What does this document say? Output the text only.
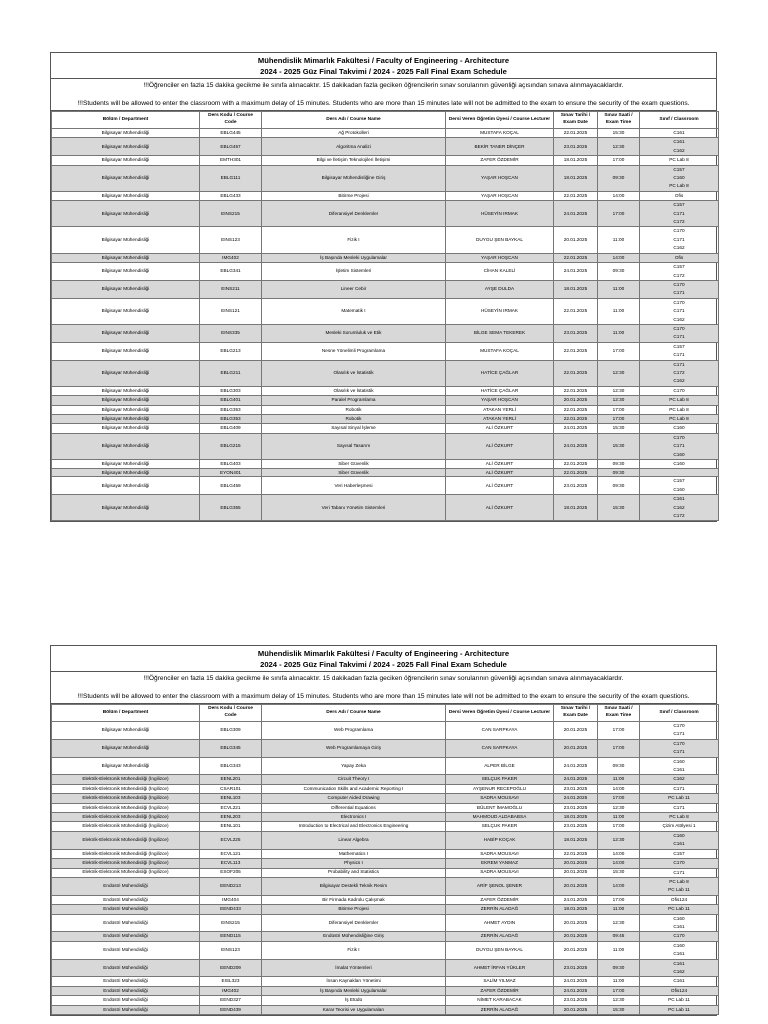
Mühendislik Mimarlık Fakültesi / Faculty of Engineering - Architecture
2024 - 2025 Güz Final Takvimi / 2024 - 2025 Fall Final Exam Schedule
!!!Öğrenciler en fazla 15 dakika gecikme ile sınıfa alınacaktır. 15 dakikadan fazla geciken öğrencilerin sınav sorularının güvenliği açısından sınava alınmayacaklardır.
!!!Students will be allowed to enter the classroom with a maximum delay of 15 minutes. Students who are more than 15 minutes late will not be admitted to the exam to ensure the security of the exam questions.
Bölüm / Department	Ders Kodu / Course Code	Ders Adı / Course Name	Dersi Veren Öğretim Üyesi / Course Lecturer	Sınav Tarihi / Exam Date	Sınav Saati / Exam Time	Sınıf / Classroom
Bilgisayar Mühendisliği	EBLG445	Ağ Protokolleri	MUSTAFA KOÇAL	22.01.2025	15:30	C161

Bilgisayar Mühendisliği	EBLG457	Algoritma Analizi	BEKİR TANER DİNÇER	23.01.2025	12:30	C161
C162

Bilgisayar Mühendisliği	EMTH301	Bilgi ve İletişim Teknolojileri İletişimi	ZAFER ÖZDEMİR	18.01.2025	17:00	PC Lab 8

Bilgisayar Mühendisliği	EBLG111	Bilgisayar Mühendisliğine Giriş	YAŞAR HOŞCAN	18.01.2025	09:30	C157
C160
PC Lab 8

Bilgisayar Mühendisliği	EBLG433	Bitirme Projesi	YAŞAR HOŞCAN	22.01.2025	14:00	Ofis

Bilgisayar Mühendisliği	EINS215	Diferansiyel Denklemler	HÜSEYİN IRMAK	24.01.2025	17:00	C157
C171
C172

Bilgisayar Mühendisliği	EINS123	Fizik I	DUYGU ŞEN BAYKAL	20.01.2025	11:00	C170
C171
C162

Bilgisayar Mühendisliği	IMG402	İş Başında Mesleki Uygulamalar	YAŞAR HOŞCAN	22.01.2025	14:00	Ofis

Bilgisayar Mühendisliği	EBLG341	İşletim Sistemleri	CİHAN KALELİ	24.01.2025	09:30	C157
C172

Bilgisayar Mühendisliği	EINS211	Lineer Cebir	AYŞE DULDA	18.01.2025	11:00	C170
C171

Bilgisayar Mühendisliği	EINS121	Matematik I	HÜSEYİN IRMAK	22.01.2025	11:00	C170
C171
C162

Bilgisayar Mühendisliği	EINS335	Mesleki Sorumluluk ve Etik	BİLGE SEMA TEKEREK	23.01.2025	11:00	C170
C171

Bilgisayar Mühendisliği	EBLG213	Nesne Yönelimli Programlama	MUSTAFA KOÇAL	22.01.2025	17:00	C157
C171

Bilgisayar Mühendisliği	EBLG211	Olasılık ve İstatistik	HATİCE ÇAĞLAR	22.01.2025	12:30	C171
C172
C162

Bilgisayar Mühendisliği	EBLG303	Olasılık ve İstatistik	HATİCE ÇAĞLAR	22.01.2025	12:30	C170

Bilgisayar Mühendisliği	EBLG401	Paralel Programlama	YAŞAR HOŞCAN	20.01.2025	12:30	PC Lab 8

Bilgisayar Mühendisliği	EBLG353	Robotik	ATAKAN YERLİ	22.01.2025	17:00	PC Lab 8

Bilgisayar Mühendisliği	EBLG353	Robotik	ATAKAN YERLİ	22.01.2025	17:00	PC Lab 8

Bilgisayar Mühendisliği	EBLG409	Sayısal Sinyal İşleme	ALİ ÖZKURT	24.01.2025	15:30	C160

Bilgisayar Mühendisliği	EBLG215	Sayısal Tasarım	ALİ ÖZKURT	24.01.2025	15:30	C170
C171
C160

Bilgisayar Mühendisliği	EBLG403	Siber Güvenlik	ALİ ÖZKURT	22.01.2025	09:30	C160

Bilgisayar Mühendisliği	EYON401	Siber Güvenlik	ALİ ÖZKURT	22.01.2025	09:30	

Bilgisayar Mühendisliği	EBLG459	Veri Haberleşmesi	ALİ ÖZKURT	23.01.2025	09:30	C157
C160

Bilgisayar Mühendisliği	EBLG355	Veri Tabanı Yönetim Sistemleri	ALİ ÖZKURT	18.01.2025	15:30	C161
C162
C172
Mühendislik Mimarlık Fakültesi / Faculty of Engineering - Architecture
2024 - 2025 Güz Final Takvimi / 2024 - 2025 Fall Final Exam Schedule
!!!Öğrenciler en fazla 15 dakika gecikme ile sınıfa alınacaktır. 15 dakikadan fazla geciken öğrencilerin sınav sorularının güvenliği açısından sınava alınmayacaklardır.
!!!Students will be allowed to enter the classroom with a maximum delay of 15 minutes. Students who are more than 15 minutes late will not be admitted to the exam to ensure the security of the exam questions.
Bölüm / Department	Ders Kodu / Course Code	Ders Adı / Course Name	Dersi Veren Öğretim Üyesi / Course Lecturer	Sınav Tarihi / Exam Date	Sınav Saati / Exam Time	Sınıf / Classroom
Bilgisayar Mühendisliği	EBLG309	Web Programlama	CAN SARPKAYA	20.01.2025	17:00	C170
C171

Bilgisayar Mühendisliği	EBLG345	Web Programlamaya Giriş	CAN SARPKAYA	20.01.2025	17:00	C170
C171

Bilgisayar Mühendisliği	EBLG343	Yapay Zeka	ALPER BİLGE	24.01.2025	09:30	C160
C161

Elektrik-Elektronik Mühendisliği (İngilizce)	EENL201	Circuit Theory I	SELÇUK PAKER	24.01.2025	11:00	C162

Elektrik-Elektronik Mühendisliği (İngilizce)	CSAR101	Communication Skills and Academic Reporting I	AYŞENUR RECEPOĞLU	23.01.2025	14:00	C171

Elektrik-Elektronik Mühendisliği (İngilizce)	EENL103	Computer Aided Drawing	SADRA MOUSAVI	24.01.2025	17:00	PC Lab 11

Elektrik-Elektronik Mühendisliği (İngilizce)	ECVL221	Differential Equations	BÜLENT İMAMOĞLU	23.01.2025	12:30	C171

Elektrik-Elektronik Mühendisliği (İngilizce)	EENL203	Electronics I	MAHMOUD ALDABABSA	18.01.2025	11:00	PC Lab 8

Elektrik-Elektronik Mühendisliği (İngilizce)	EENL101	Introduction to Electrical and Electronics Engineering	SELÇUK PAKER	23.01.2025	17:00	Çizim Atölyesi 1

Elektrik-Elektronik Mühendisliği (İngilizce)	ECVL225	Linear Algebra	HABİP KOÇAK	18.01.2025	12:30	C160
C161

Elektrik-Elektronik Mühendisliği (İngilizce)	ECVL121	Mathematics I	SADRA MOUSAVI	22.01.2025	14:00	C157

Elektrik-Elektronik Mühendisliği (İngilizce)	ECVL113	Physics I	EKREM YANMAZ	20.01.2025	14:00	C170

Elektrik-Elektronik Mühendisliği (İngilizce)	ESOF205	Probability and Statistics	SADRA MOUSAVI	20.01.2025	15:30	C171

Endüstri Mühendisliği	EEND213	Bilgisayar Destekli Teknik Resim	ARİF ŞENOL ŞENER	20.01.2025	14:00	PC Lab 8
PC Lab 11

Endüstri Mühendisliği	IMG404	Bir Firmada Kadrolu Çalışmak	ZAFER ÖZDEMİR	24.01.2025	17:00	Ofis124

Endüstri Mühendisliği	EEND433	Bitirme Projesi	ZERRİN ALADAĞ	18.01.2025	11:00	PC Lab 11

Endüstri Mühendisliği	EINS215	Diferansiyel Denklemler	AHMET AYDIN	20.01.2025	12:30	C160
C161

Endüstri Mühendisliği	EEND115	Endüstri Mühendisliğine Giriş	ZERRİN ALADAĞ	20.01.2025	09:45	C170

Endüstri Mühendisliği	EINS123	Fizik I	DUYGU ŞEN BAYKAL	20.01.2025	11:00	C160
C161

Endüstri Mühendisliği	EEND209	İmalat Yöntemleri	AHMET İRFAN YÜKLER	23.01.2025	09:30	C161
C162

Endüstri Mühendisliği	EISL323	İnsan Kaynakları Yönetimi	SALİM YILMAZ	24.01.2025	11:00	C161

Endüstri Mühendisliği	IMG402	İş Başında Mesleki Uygulamalar	ZAFER ÖZDEMİR	24.01.2025	17:00	Ofis124

Endüstri Mühendisliği	EEND327	İş Etüdü	NİMET KARABACAK	23.01.2025	12:30	PC Lab 11

Endüstri Mühendisliği	EEND439	Karar Teorisi ve Uygulamaları	ZERRİN ALADAĞ	20.01.2025	15:30	PC Lab 11
